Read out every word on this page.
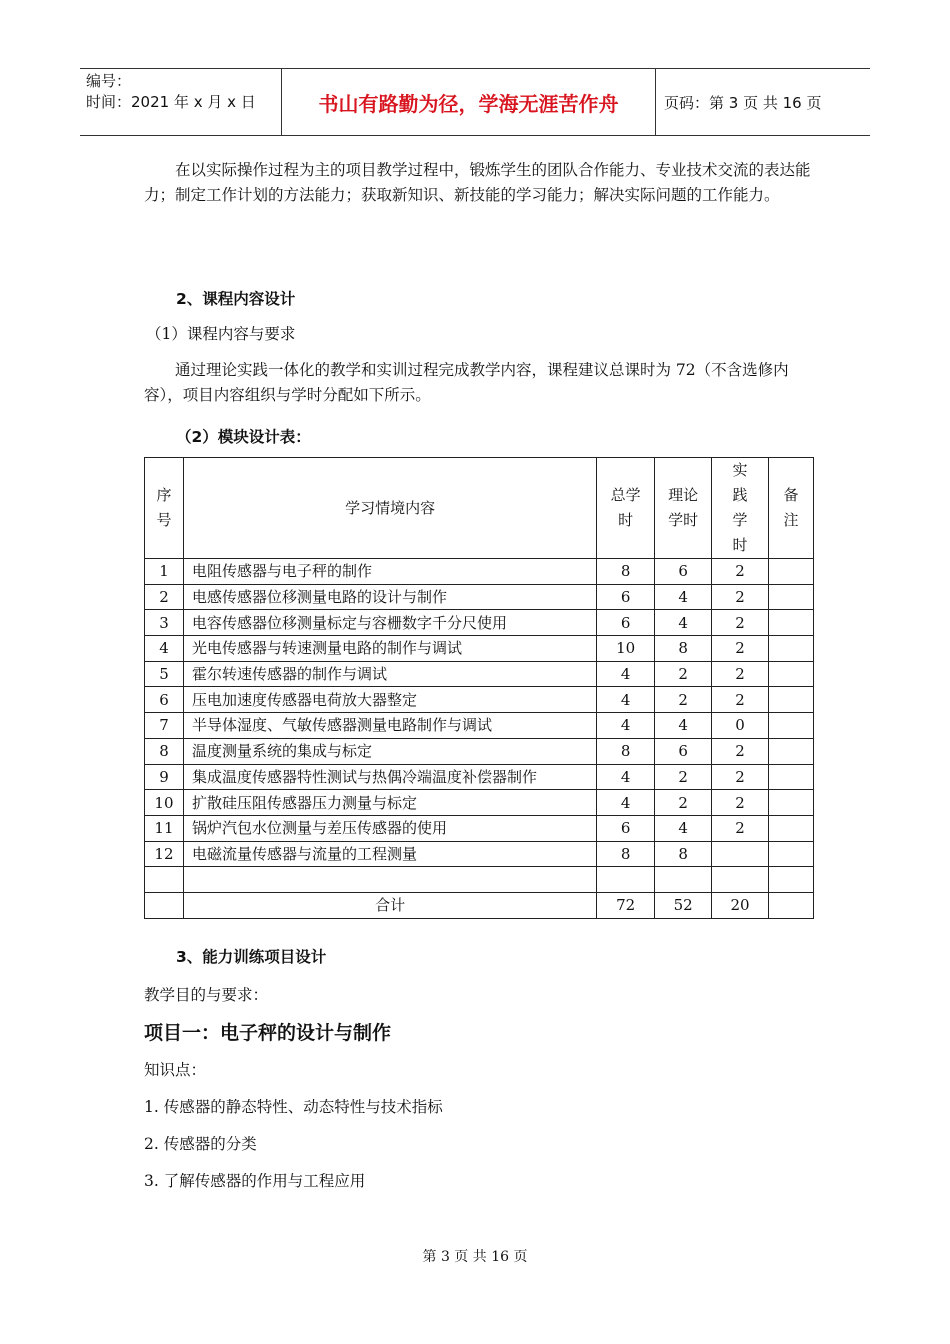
编号：
时间：2021 年 x 月 x 日	书山有路勤为径，学海无涯苦作舟	页码：第 3 页 共 16 页

在以实际操作过程为主的项目教学过程中，锻炼学生的团队合作能力、专业技术交流的表达能力；制定工作计划的方法能力；获取新知识、新技能的学习能力；解决实际问题的工作能力。

2、课程内容设计

（1）课程内容与要求

通过理论实践一体化的教学和实训过程完成教学内容，课程建议总课时为 72（不含选修内容），项目内容组织与学时分配如下所示。

（2）模块设计表：

序号	学习情境内容	总学时	理论学时	实践学时	备注
1	电阻传感器与电子秤的制作	8	6	2	
2	电感传感器位移测量电路的设计与制作	6	4	2	
3	电容传感器位移测量标定与容栅数字千分尺使用	6	4	2	
4	光电传感器与转速测量电路的制作与调试	10	8	2	
5	霍尔转速传感器的制作与调试	4	2	2	
6	压电加速度传感器电荷放大器整定	4	2	2	
7	半导体湿度、气敏传感器测量电路制作与调试	4	4	0	
8	温度测量系统的集成与标定	8	6	2	
9	集成温度传感器特性测试与热偶冷端温度补偿器制作	4	2	2	
10	扩散硅压阻传感器压力测量与标定	4	2	2	
11	锅炉汽包水位测量与差压传感器的使用	6	4	2	
12	电磁流量传感器与流量的工程测量	8	8		

	合计	72	52	20	

3、能力训练项目设计

教学目的与要求：

项目一：电子秤的设计与制作

知识点：

1. 传感器的静态特性、动态特性与技术指标

2. 传感器的分类

3. 了解传感器的作用与工程应用

第 3 页 共 16 页
